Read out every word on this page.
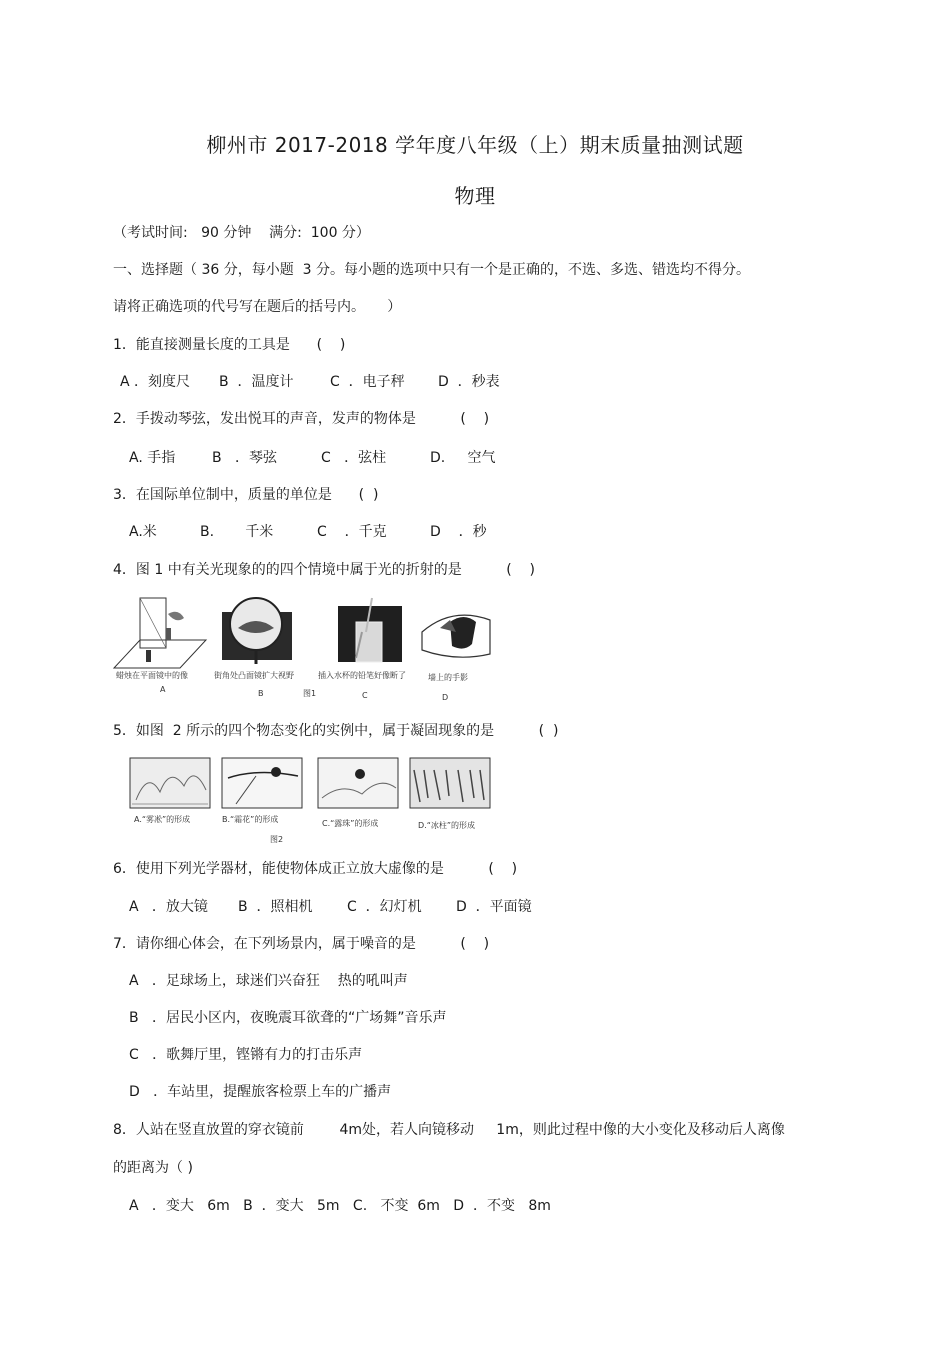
柳州市 2017-2018 学年度八年级（上）期末质量抽测试题
物理
（考试时间:   90 分钟    满分:  100 分）
一、选择题（ 36 分，每小题  3 分。每小题的选项中只有一个是正确的，不选、多选、错选均不得分。
请将正确选项的代号写在题后的括号内。     ）
1．能直接测量长度的工具是      (    )
A ．刻度尺 B  ．温度计	C  ．电子秤 D  ．秒表
2．手拨动琴弦，发出悦耳的声音，发声的物体是          (    )
A. 手指	B   ．琴弦	C   ．弦柱	D.     空气
3．在国际单位制中，质量的单位是      (  )
A.米	B.       千米	C    ．千克	D    ．秒
4．图 1 中有关光现象的的四个情境中属于光的折射的是          (    )
蜡烛在平面镜中的像	街角处凸面镜扩大视野	插入水杯的铅笔好像断了	墙上的手影
A	B	图1	C	D
5．如图  2 所示的四个物态变化的实例中，属于凝固现象的是          (  )
A.“雾凇”的形成	B.“霜花”的形成	C.“露珠”的形成	D.“冰柱”的形成
图2
6．使用下列光学器材，能使物体成正立放大虚像的是          (    )
A   ．放大镜 B  ．照相机 C  ．幻灯机 D  ．平面镜
7．请你细心体会，在下列场景内，属于噪音的是          (    )
A   ．足球场上，球迷们兴奋狂    热的吼叫声
B   ．居民小区内，夜晚震耳欲聋的“广场舞”音乐声
C   ．歌舞厅里，铿锵有力的打击乐声
D   ．车站里，提醒旅客检票上车的广播声
8．人站在竖直放置的穿衣镜前        4m处，若人向镜移动     1m，则此过程中像的大小变化及移动后人离像
的距离为（ )
A   ．变大   6m   B  ．变大   5m   C.   不变  6m   D  ．不变   8m
